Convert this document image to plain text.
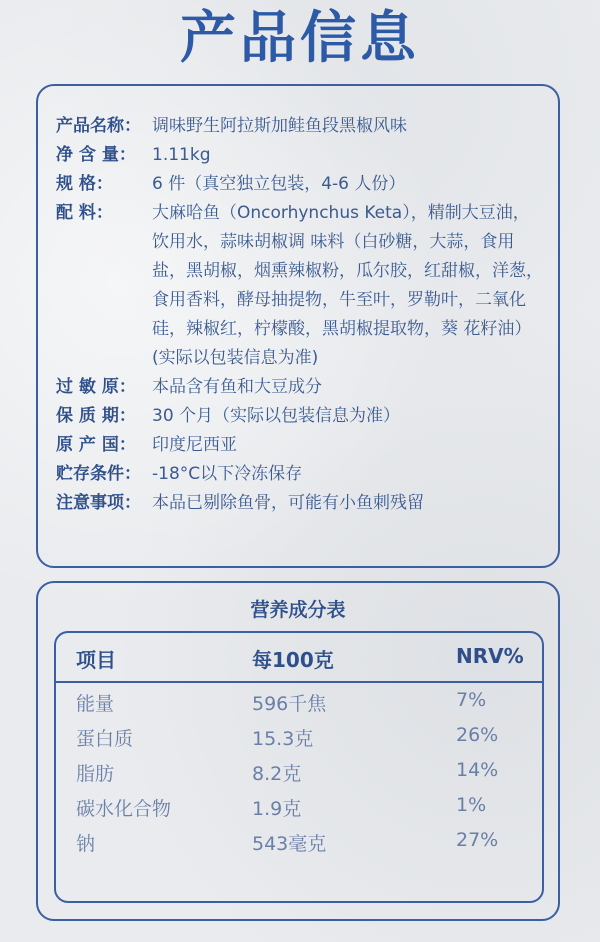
产品信息
产品名称： 调味野生阿拉斯加鲑鱼段黑椒风味
净 含 量： 1.11kg
规 格：	6 件（真空独立包装，4-6 人份）
配 料：	大麻哈鱼（Oncorhynchus Keta），精制大豆油，饮用水，蒜味胡椒调 味料（白砂糖，大蒜，食用盐，黑胡椒，烟熏辣椒粉，瓜尔胶，红甜椒，洋葱，食用香料，酵母抽提物，牛至叶，罗勒叶，二氧化硅，辣椒红，柠檬酸，黑胡椒提取物，葵 花籽油）(实际以包装信息为准)
过 敏 原： 本品含有鱼和大豆成分
保 质 期： 30 个月（实际以包装信息为准）
原 产 国： 印度尼西亚
贮存条件： -18°C以下冷冻保存
注意事项： 本品已剔除鱼骨，可能有小鱼刺残留
营养成分表
项目	每100克	NRV%
能量	596千焦	7%
蛋白质	15.3克	26%
脂肪	8.2克	14%
碳水化合物	1.9克	1%
钠	543毫克	27%
